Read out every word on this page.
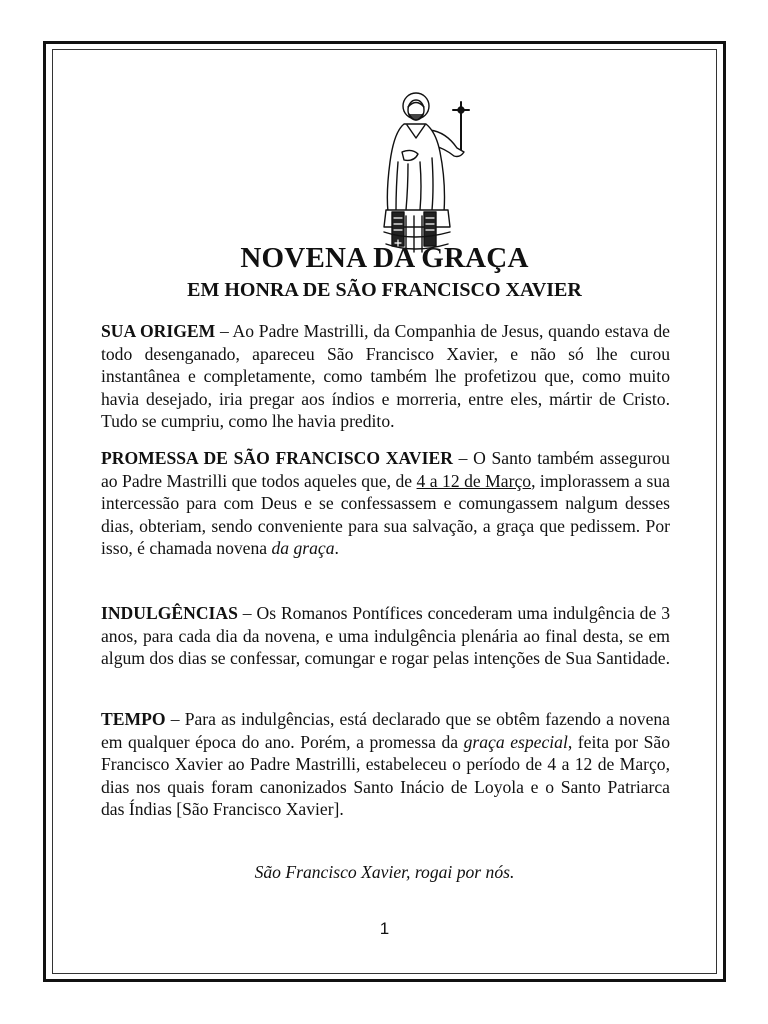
NOVENA DA GRAÇA
EM HONRA DE SÃO FRANCISCO XAVIER

SUA ORIGEM – Ao Padre Mastrilli, da Companhia de Jesus, quando estava de todo desenganado, apareceu São Francisco Xavier, e não só lhe curou instantânea e completamente, como também lhe profetizou que, como muito havia desejado, iria pregar aos índios e morreria, entre eles, mártir de Cristo. Tudo se cumpriu, como lhe havia predito.

PROMESSA DE SÃO FRANCISCO XAVIER – O Santo também assegurou ao Padre Mastrilli que todos aqueles que, de 4 a 12 de Março, implorassem a sua intercessão para com Deus e se confessassem e comungassem nalgum desses dias, obteriam, sendo conveniente para sua salvação, a graça que pedissem. Por isso, é chamada novena da graça.

INDULGÊNCIAS – Os Romanos Pontífices concederam uma indulgência de 3 anos, para cada dia da novena, e uma indulgência plenária ao final desta, se em algum dos dias se confessar, comungar e rogar pelas intenções de Sua Santidade.

TEMPO – Para as indulgências, está declarado que se obtêm fazendo a novena em qualquer época do ano. Porém, a promessa da graça especial, feita por São Francisco Xavier ao Padre Mastrilli, estabeleceu o período de 4 a 12 de Março, dias nos quais foram canonizados Santo Inácio de Loyola e o Santo Patriarca das Índias [São Francisco Xavier].

São Francisco Xavier, rogai por nós.
1
